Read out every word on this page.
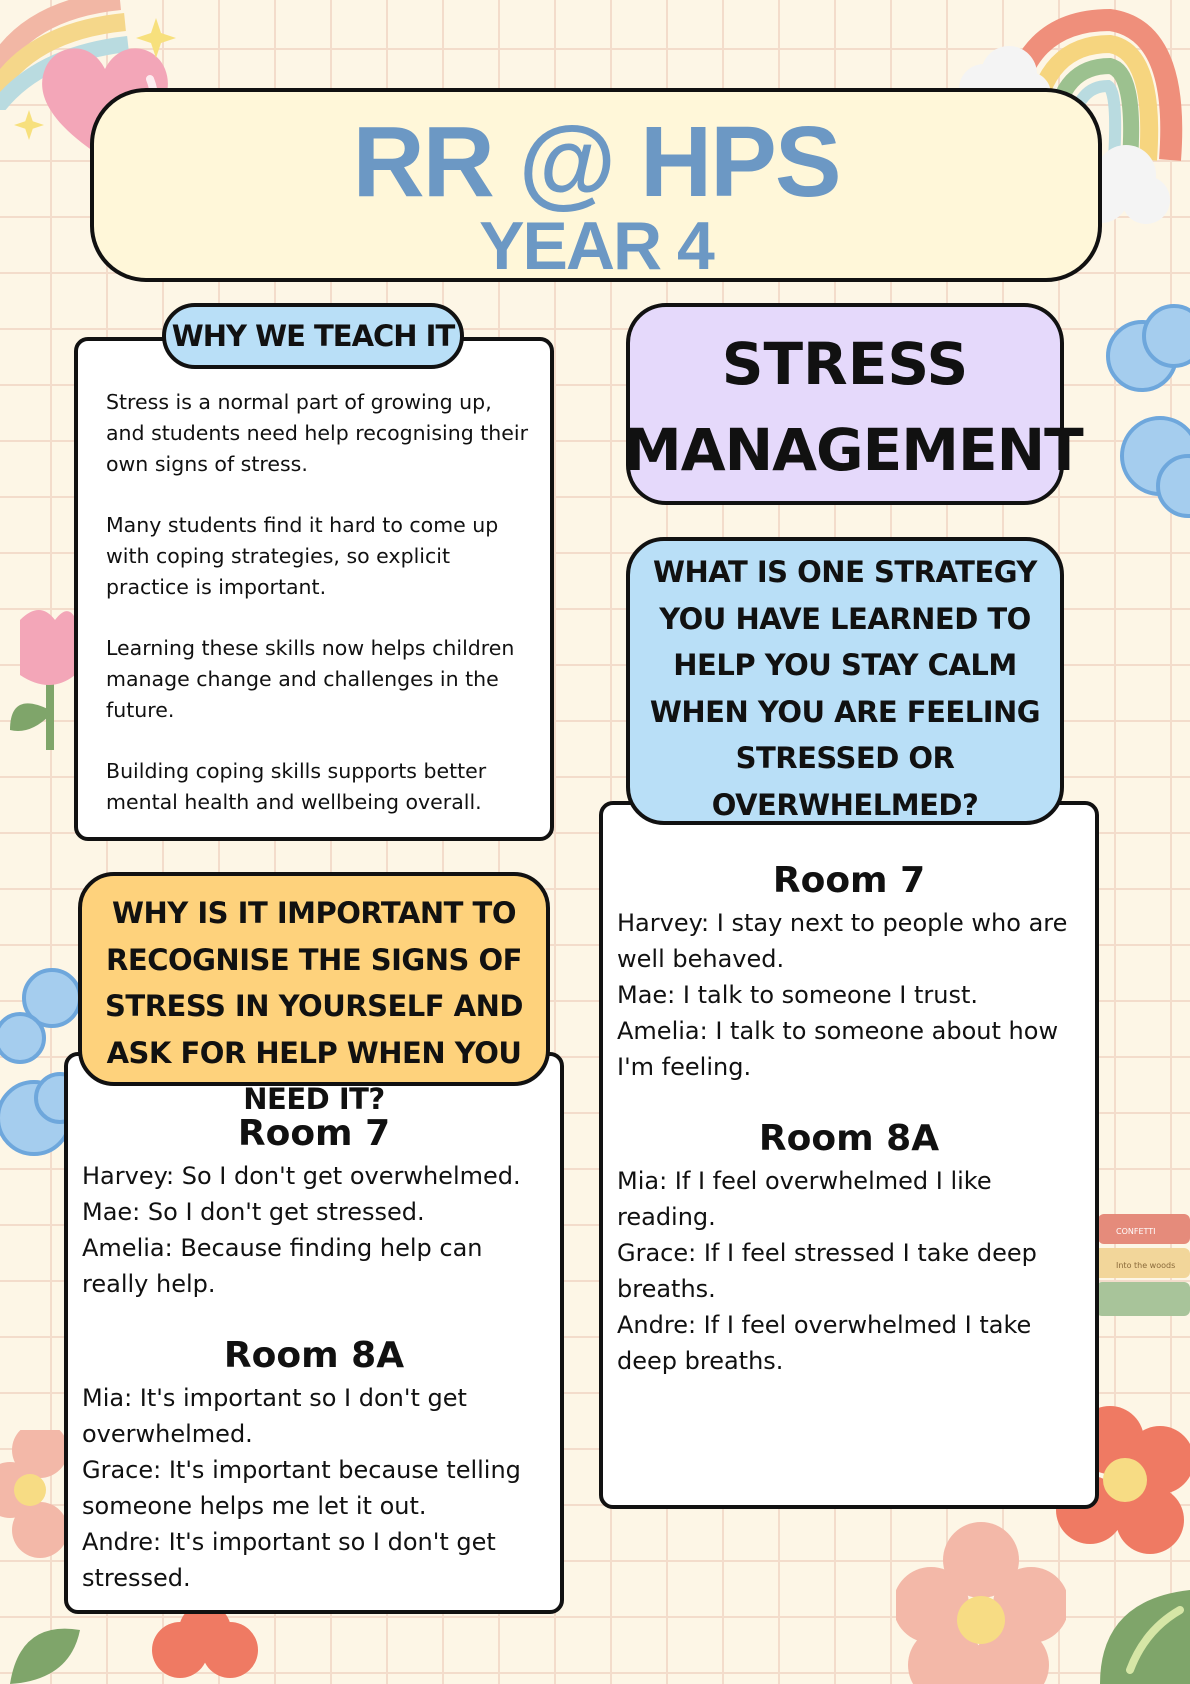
CONFETTI
Into the woods
RR @ HPS
YEAR 4

Stress is a normal part of growing up, and students need help recognising their own signs of stress.

Many students find it hard to come up with coping strategies, so explicit practice is important.

Learning these skills now helps children manage change and challenges in the future.

Building coping skills supports better mental health and wellbeing overall.

WHY WE TEACH IT	STRESS
MANAGEMENT
Room 7
Harvey: I stay next to people who are well behaved.
Mae: I talk to someone I trust.
Amelia: I talk to someone about how I'm feeling.
Room 8A
Mia: If I feel overwhelmed I like reading.
Grace: If I feel stressed I take deep breaths.
Andre: If I feel overwhelmed I take deep breaths.
WHAT IS ONE STRATEGY YOU HAVE LEARNED TO HELP YOU STAY CALM WHEN YOU ARE FEELING STRESSED OR OVERWHELMED?
Room 7
Harvey: So I don't get overwhelmed.
Mae: So I don't get stressed.
Amelia: Because finding help can really help.
Room 8A
Mia: It's important so I don't get overwhelmed.
Grace: It's important because telling someone helps me let it out.
Andre: It's important so I don't get stressed.
WHY IS IT IMPORTANT TO RECOGNISE THE SIGNS OF STRESS IN YOURSELF AND ASK FOR HELP WHEN YOU NEED IT?
